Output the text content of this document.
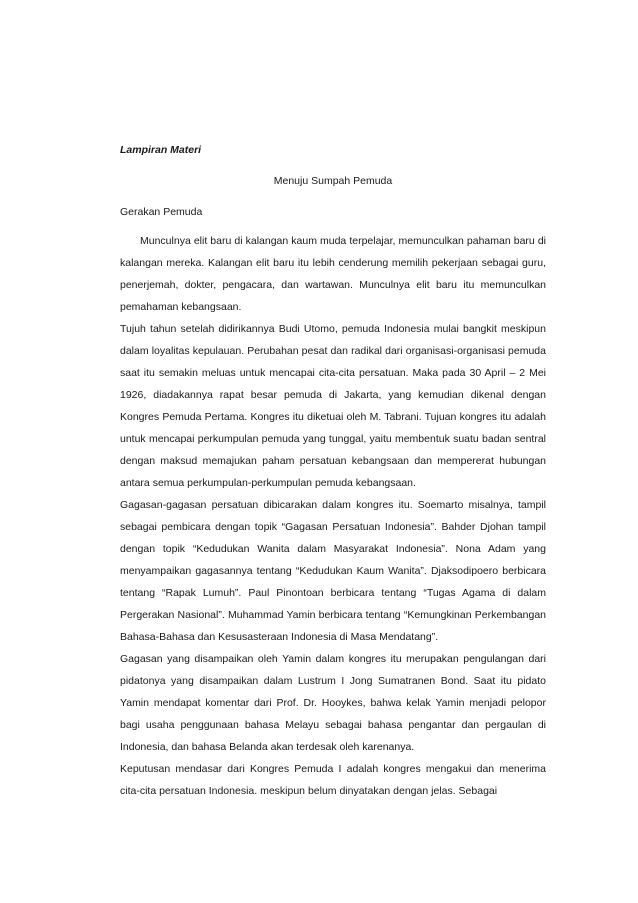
Lampiran Materi

Menuju Sumpah Pemuda

Gerakan Pemuda

Munculnya elit baru di kalangan kaum muda terpelajar, memunculkan pahaman baru di kalangan mereka. Kalangan elit baru itu lebih cenderung memilih pekerjaan sebagai guru, penerjemah, dokter, pengacara, dan wartawan. Munculnya elit baru itu memunculkan pemahaman kebangsaan.

Tujuh tahun setelah didirikannya Budi Utomo, pemuda Indonesia mulai bangkit meskipun dalam loyalitas kepulauan. Perubahan pesat dan radikal dari organisasi-organisasi pemuda saat itu semakin meluas untuk mencapai cita-cita persatuan. Maka pada 30 April – 2 Mei 1926, diadakannya rapat besar pemuda di Jakarta, yang kemudian dikenal dengan Kongres Pemuda Pertama. Kongres itu diketuai oleh M. Tabrani. Tujuan kongres itu adalah untuk mencapai perkumpulan pemuda yang tunggal, yaitu membentuk suatu badan sentral dengan maksud memajukan paham persatuan kebangsaan dan mempererat hubungan antara semua perkumpulan-perkumpulan pemuda kebangsaan.

Gagasan-gagasan persatuan dibicarakan dalam kongres itu. Soemarto misalnya, tampil sebagai pembicara dengan topik “Gagasan Persatuan Indonesia”. Bahder Djohan tampil dengan topik “Kedudukan Wanita dalam Masyarakat Indonesia”. Nona Adam yang menyampaikan gagasannya tentang “Kedudukan Kaum Wanita”. Djaksodipoero berbicara tentang “Rapak Lumuh”. Paul Pinontoan berbicara tentang “Tugas Agama di dalam Pergerakan Nasional”. Muhammad Yamin berbicara tentang “Kemungkinan Perkembangan Bahasa-Bahasa dan Kesusasteraan Indonesia di Masa Mendatang”.

Gagasan yang disampaikan oleh Yamin dalam kongres itu merupakan pengulangan dari pidatonya yang disampaikan dalam Lustrum I Jong Sumatranen Bond. Saat itu pidato Yamin mendapat komentar dari Prof. Dr. Hooykes, bahwa kelak Yamin menjadi pelopor bagi usaha penggunaan bahasa Melayu sebagai bahasa pengantar dan pergaulan di Indonesia, dan bahasa Belanda akan terdesak oleh karenanya.

Keputusan mendasar dari Kongres Pemuda I adalah kongres mengakui dan menerima cita-cita persatuan Indonesia. meskipun belum dinyatakan dengan jelas. Sebagai
